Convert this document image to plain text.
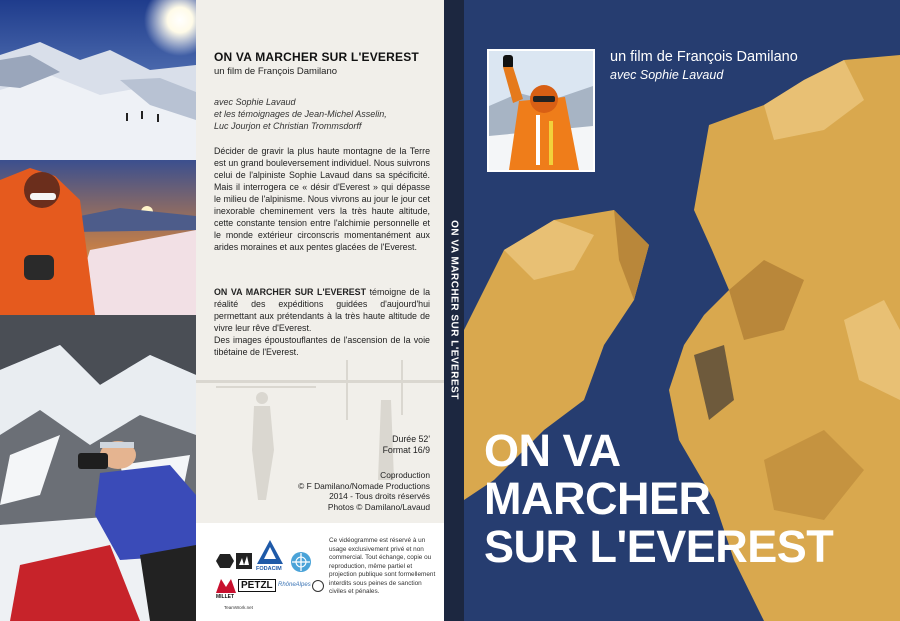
ON VA MARCHER SUR L'EVEREST
un film de François Damilano
avec Sophie Lavaud
et les témoignages de Jean-Michel Asselin,
Luc Jourjon et Christian Trommsdorff

Décider de gravir la plus haute montagne de la Terre est un grand bouleversement individuel. Nous suivrons celui de l'alpiniste Sophie Lavaud dans sa spécificité. Mais il interrogera ce « désir d'Everest » qui dépasse le milieu de l'alpinisme. Nous vivrons au jour le jour cet inexorable cheminement vers la très haute altitude, cette constante tension entre l'alchimie personnelle et le monde extérieur circonscris momentanément aux arides moraines et aux pentes glacées de l'Everest.

ON VA MARCHER SUR L'EVEREST témoigne de la réalité des expéditions guidées d'aujourd'hui permettant aux prétendants à la très haute altitude de vivre leur rêve d'Everest.
Des images époustouflantes de l'ascension de la voie tibétaine de l'Everest.

Durée 52'
Format 16/9
Coproduction
© F Damilano/Nomade Productions
2014 - Tous droits réservés
Photos © Damilano/Lavaud
FODACIM
MILLET
PETZL RhôneAlpes
TeamWork.net

Ce vidéogramme est réservé à un usage exclusivement privé et non commercial. Tout échange, copie ou reproduction, même partiel et projection publique sont formellement interdits sous peines de sanction civiles et pénales.

ON VA MARCHER SUR L'EVEREST
un film de François Damilano
avec Sophie Lavaud
ON VA
MARCHER
SUR L'EVEREST
